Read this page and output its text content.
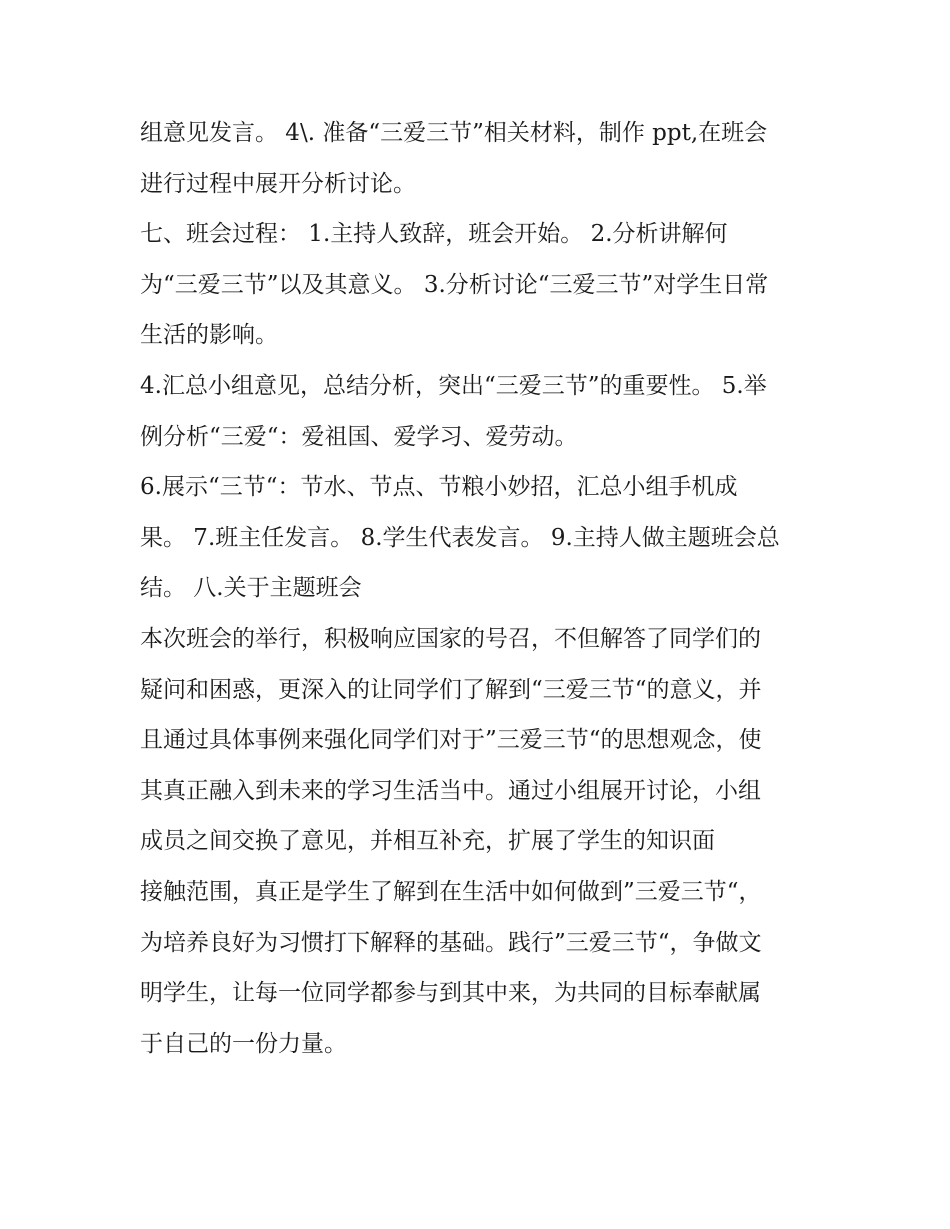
组意见发言。 4\. 准备“三爱三节”相关材料，制作 ppt,在班会
进行过程中展开分析讨论。
七、班会过程： 1.主持人致辞，班会开始。 2.分析讲解何
为“三爱三节”以及其意义。 3.分析讨论“三爱三节”对学生日常
生活的影响。
4.汇总小组意见，总结分析，突出“三爱三节”的重要性。 5.举
例分析“三爱“：爱祖国、爱学习、爱劳动。
6.展示“三节“：节水、节点、节粮小妙招，汇总小组手机成
果。 7.班主任发言。 8.学生代表发言。 9.主持人做主题班会总
结。 八.关于主题班会
本次班会的举行，积极响应国家的号召，不但解答了同学们的
疑问和困惑，更深入的让同学们了解到“三爱三节“的意义，并
且通过具体事例来强化同学们对于”三爱三节“的思想观念，使
其真正融入到未来的学习生活当中。通过小组展开讨论，小组
成员之间交换了意见，并相互补充，扩展了学生的知识面
接触范围，真正是学生了解到在生活中如何做到”三爱三节“，
为培养良好为习惯打下解释的基础。践行”三爱三节“，争做文
明学生，让每一位同学都参与到其中来，为共同的目标奉献属
于自己的一份力量。
